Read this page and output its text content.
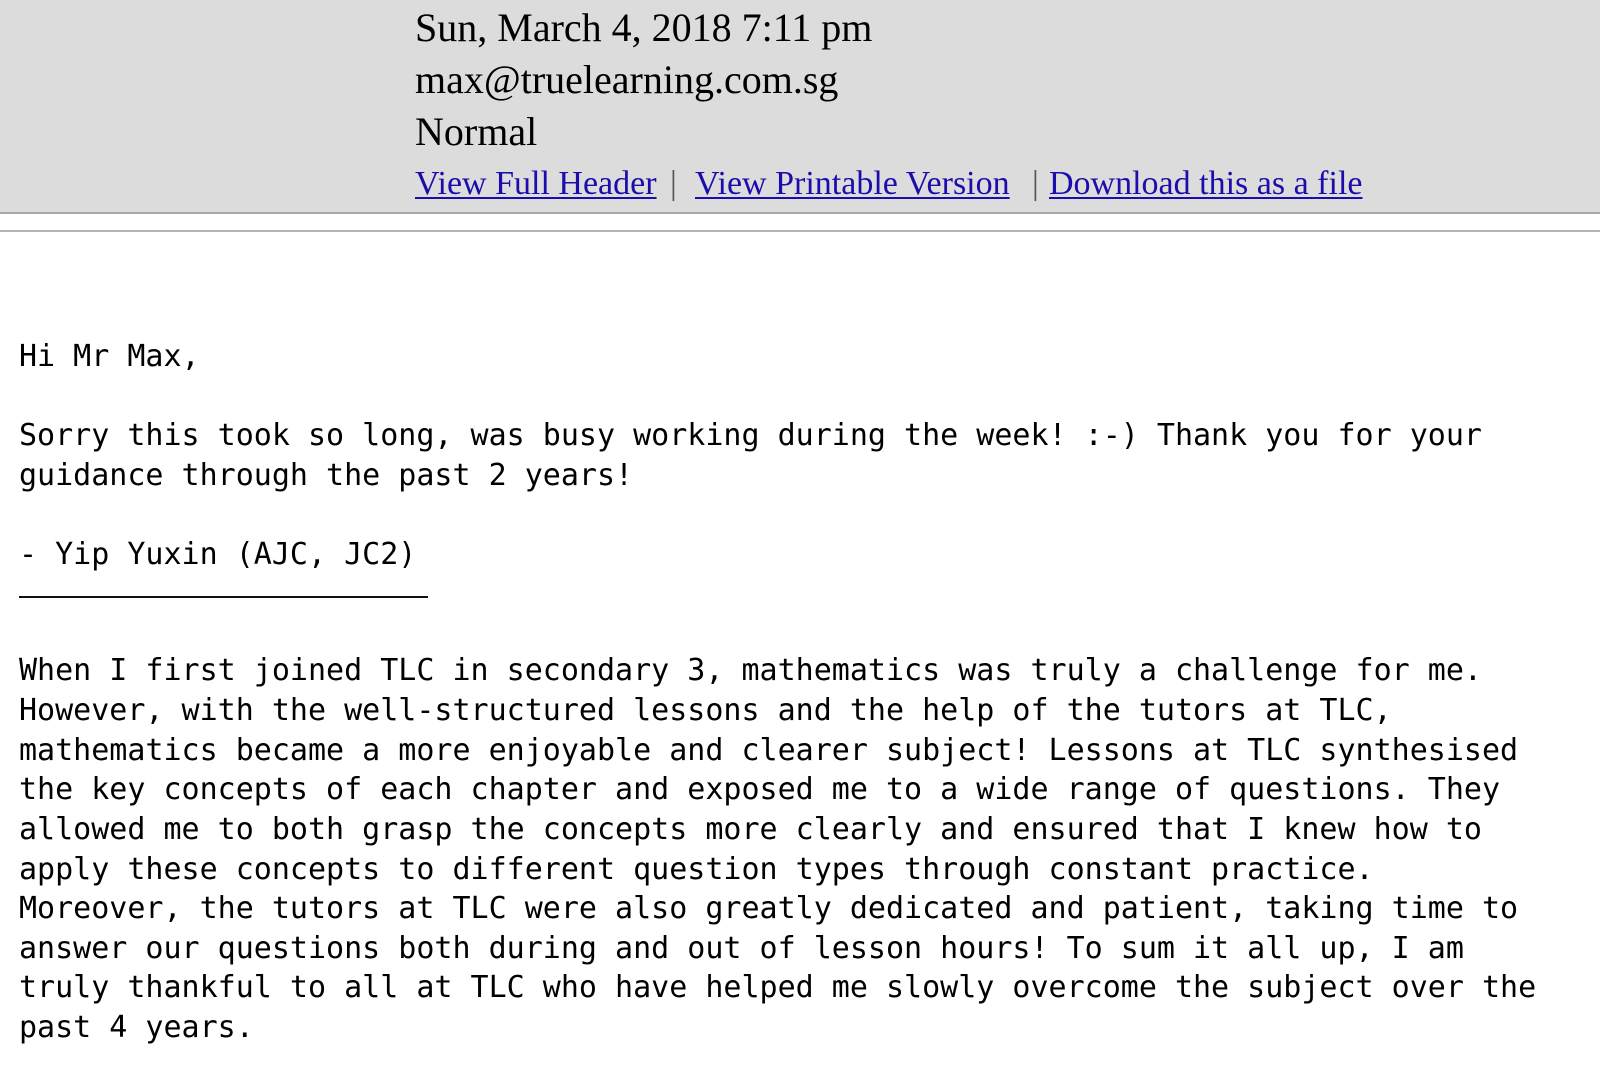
Sun, March 4, 2018 7:11 pm
max@truelearning.com.sg
Normal
View Full Header | View Printable Version | Download this as a file

Hi Mr Max,

Sorry this took so long, was busy working during the week! :-) Thank you for your

guidance through the past 2 years!

- Yip Yuxin (AJC, JC2)

When I first joined TLC in secondary 3, mathematics was truly a challenge for me.

However, with the well-structured lessons and the help of the tutors at TLC,

mathematics became a more enjoyable and clearer subject! Lessons at TLC synthesised

the key concepts of each chapter and exposed me to a wide range of questions. They

allowed me to both grasp the concepts more clearly and ensured that I knew how to

apply these concepts to different question types through constant practice.

Moreover, the tutors at TLC were also greatly dedicated and patient, taking time to

answer our questions both during and out of lesson hours! To sum it all up, I am

truly thankful to all at TLC who have helped me slowly overcome the subject over the

past 4 years.
